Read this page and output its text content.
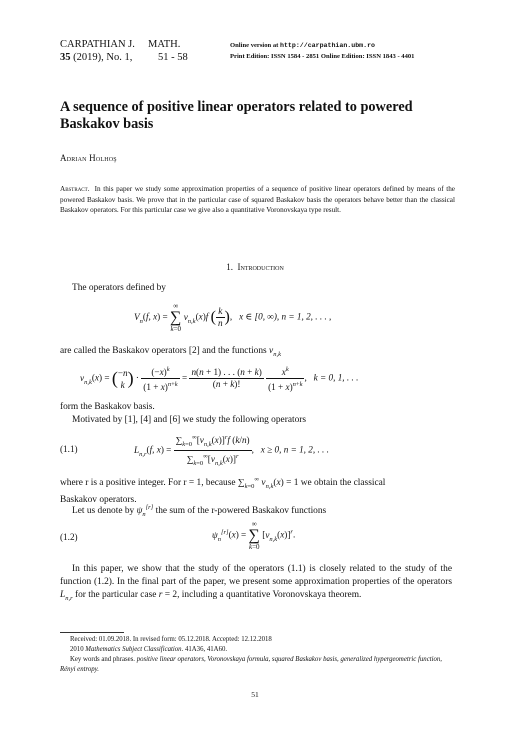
CARPATHIAN J.
35 (2019), No. 1,
MATH.
51 - 58
Online version at http://carpathian.ubm.ro
Print Edition: ISSN 1584 - 2851 Online Edition: ISSN 1843 - 4401
A sequence of positive linear operators related to powered
Baskakov basis
Adrian Holhoş
Abstract. In this paper we study some approximation properties of a sequence of positive linear operators defined by means of the powered Baskakov basis. We prove that in the particular case of squared Baskakov basis the operators behave better than the classical Baskakov operators. For this particular case we give also a quantitative Voronovskaya type result.
1. Introduction
The operators defined by
$V_n(f$, x) = ∞
∑
k=0 $v_{n,k}(x)f$ ( $\frac{k}{n}$ ),   x ∈ [0, ∞), n = 1, 2, . . . ,
are called the Baskakov operators [2] and the functions $v_{n,k}$
$v_{n,k}(x)$ = ( −n
k ) · $\frac{(-x)^k}{(1 + x)^{n+k}} = \frac{n(n + 1) . . . (n + k)}{(n + k)!}$
$\frac{x^k}{(1 + x)^{n+k}}$ ,   k = 0, 1, . . .
form the Baskakov basis.
Motivated by [1], [4] and [6] we study the following operators
(1.1)	$L_{n,r}(f$, $x) = \frac{\sum_{k=0}^\infty[v_{n,k}(x)]^rf (k/n)}{\sum_{k=0}^\infty[v_{n,k}(x)]^r}$ ,   x ≥ 0, n = 1, 2, . . .
where r is a positive integer. For r = 1, because $\sum_{k=0}^\infty$ $v_{n,k}(x) = 1$ we obtain the classical
Baskakov operators.
Let us denote by $\psi_n[r]$ the sum of the r-powered Baskakov functions
(1.2)	$\psi_n[r](x)$ = ∞
∑
k=0 $[v_{n,k}(x)]^r$.
In this paper, we show that the study of the operators (1.1) is closely related to the study of the function (1.2). In the final part of the paper, we present some approximation properties of the operators $L_{n,r}$ for the particular case r = 2, including a quantitative Voronovskaya theorem.
Received: 01.09.2018. In revised form: 05.12.2018. Accepted: 12.12.2018
2010 Mathematics Subject Classification. 41A36, 41A60.
Key words and phrases. positive linear operators, Voronovskaya formula, squared Baskakov basis, generalized hypergeometric function, Rényi entropy.
51
